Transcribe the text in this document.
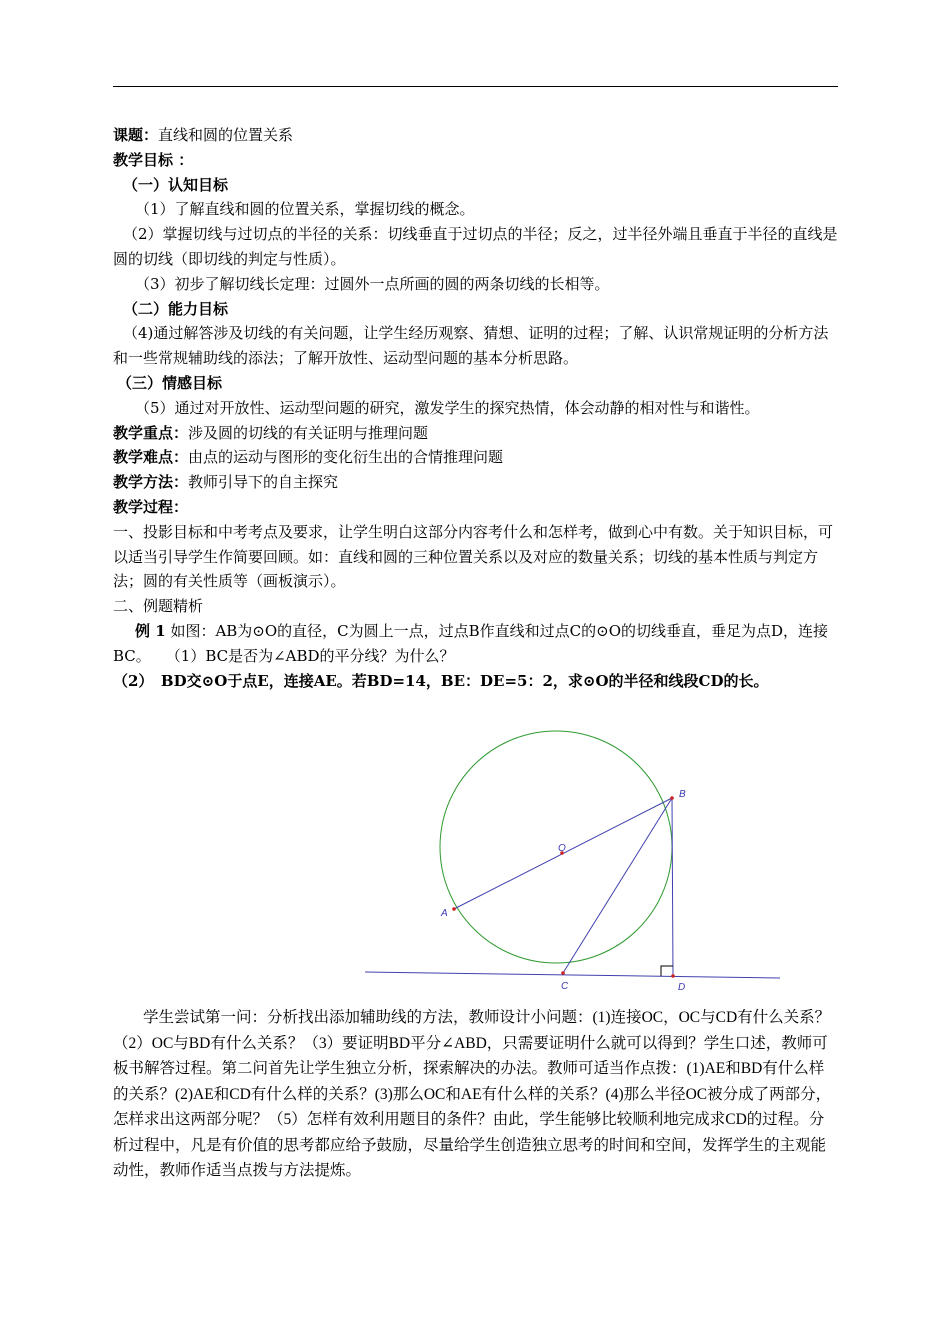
课题：直线和圆的位置关系

教学目标 ：

（一）认知目标

（1）了解直线和圆的位置关系，掌握切线的概念。

（2）掌握切线与过切点的半径的关系：切线垂直于过切点的半径；反之，过半径外端且垂直于半径的直线是圆的切线（即切线的判定与性质）。

（3）初步了解切线长定理：过圆外一点所画的圆的两条切线的长相等。

（二）能力目标

（4)通过解答涉及切线的有关问题，让学生经历观察、猜想、证明的过程；了解、认识常规证明的分析方法和一些常规辅助线的添法；了解开放性、运动型问题的基本分析思路。

（三）情感目标

（5）通过对开放性、运动型问题的研究，激发学生的探究热情，体会动静的相对性与和谐性。

教学重点：涉及圆的切线的有关证明与推理问题

教学难点：由点的运动与图形的变化衍生出的合情推理问题

教学方法：教师引导下的自主探究

教学过程：

一、投影目标和中考考点及要求，让学生明白这部分内容考什么和怎样考，做到心中有数。关于知识目标，可以适当引导学生作简要回顾。如：直线和圆的三种位置关系以及对应的数量关系；切线的基本性质与判定方法；圆的有关性质等（画板演示）。

二、例题精析

例 1 如图：AB为⊙O的直径，C为圆上一点，过点B作直线和过点C的⊙O的切线垂直，垂足为点D，连接BC。　　（1）BC是否为∠ABD的平分线？为什么？

（2）　BD交⊙O于点E，连接AE。若BD=14，BE：DE=5：2，求⊙O的半径和线段CD的长。

A
B
O
C	D

学生尝试第一问：分析找出添加辅助线的方法，教师设计小问题：(1)连接OC，OC与CD有什么关系？（2）OC与BD有什么关系？（3）要证明BD平分∠ABD，只需要证明什么就可以得到？学生口述，教师可板书解答过程。第二问首先让学生独立分析，探索解决的办法。教师可适当作点拨：(1)AE和BD有什么样的关系？(2)AE和CD有什么样的关系？(3)那么OC和AE有什么样的关系？(4)那么半径OC被分成了两部分，怎样求出这两部分呢？（5）怎样有效利用题目的条件？由此，学生能够比较顺利地完成求CD的过程。分析过程中，凡是有价值的思考都应给予鼓励，尽量给学生创造独立思考的时间和空间，发挥学生的主观能动性，教师作适当点拨与方法提炼。
